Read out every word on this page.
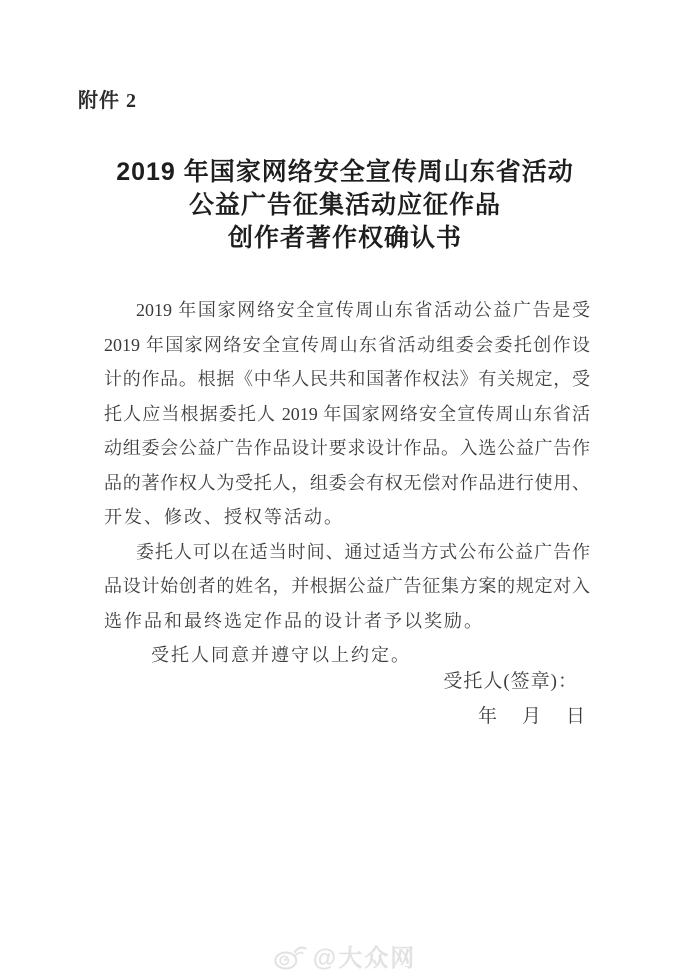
附件 2
2019 年国家网络安全宣传周山东省活动
公益广告征集活动应征作品
创作者著作权确认书
2019 年国家网络安全宣传周山东省活动公益广告是受
2019 年国家网络安全宣传周山东省活动组委会委托创作设
计的作品。根据《中华人民共和国著作权法》有关规定，受
托人应当根据委托人 2019 年国家网络安全宣传周山东省活
动组委会公益广告作品设计要求设计作品。入选公益广告作
品的著作权人为受托人，组委会有权无偿对作品进行使用、
开发、修改、授权等活动。
委托人可以在适当时间、通过适当方式公布公益广告作
品设计始创者的姓名，并根据公益广告征集方案的规定对入
选作品和最终选定作品的设计者予以奖励。
受托人同意并遵守以上约定。
受托人(签章)：
年　月　日
@大众网
